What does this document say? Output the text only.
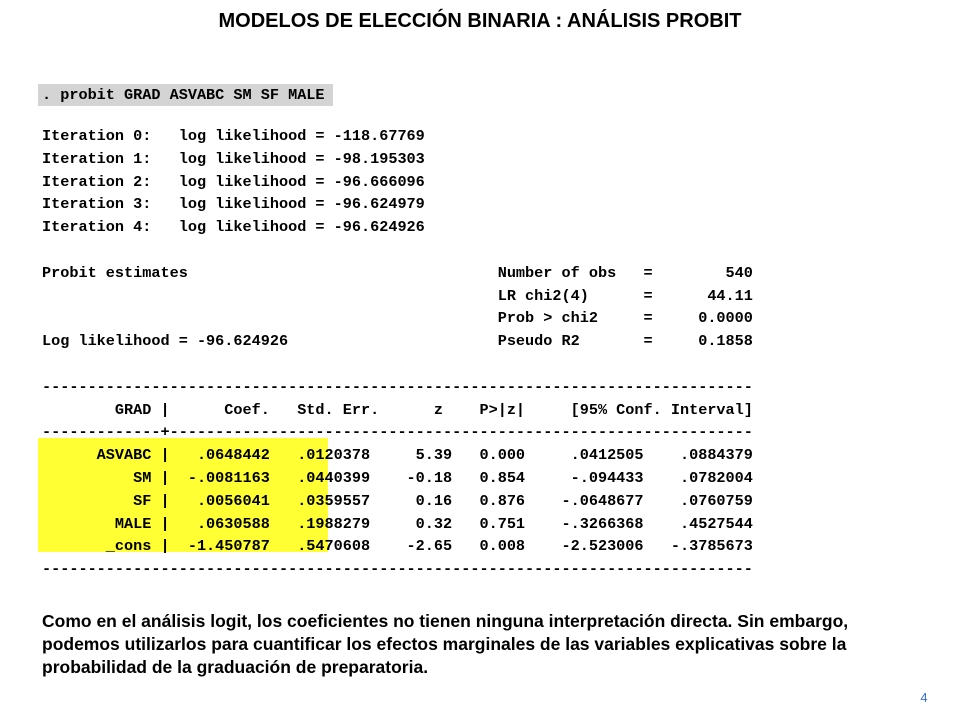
MODELOS DE ELECCIÓN BINARIA : ANÁLISIS PROBIT
. probit GRAD ASVABC SM SF MALE
Iteration 0:   log likelihood = -118.67769
Iteration 1:   log likelihood = -98.195303
Iteration 2:   log likelihood = -96.666096
Iteration 3:   log likelihood = -96.624979
Iteration 4:   log likelihood = -96.624926
Probit estimates                                  Number of obs   =        540
LR chi2(4)      =      44.11
Prob > chi2     =     0.0000
Log likelihood = -96.624926                       Pseudo R2       =     0.1858
------------------------------------------------------------------------------
GRAD |      Coef.   Std. Err.      z    P>|z|     [95% Conf. Interval]
-------------+----------------------------------------------------------------
ASVABC |   .0648442   .0120378     5.39   0.000     .0412505    .0884379
SM |  -.0081163   .0440399    -0.18   0.854     -.094433    .0782004
SF |   .0056041   .0359557     0.16   0.876    -.0648677    .0760759
MALE |   .0630588   .1988279     0.32   0.751    -.3266368    .4527544
_cons |  -1.450787   .5470608    -2.65   0.008    -2.523006   -.3785673
------------------------------------------------------------------------------
Como en el análisis logit, los coeficientes no tienen ninguna interpretación directa. Sin embargo, podemos utilizarlos para cuantificar los efectos marginales de las variables explicativas sobre la probabilidad de la graduación de preparatoria.
4
